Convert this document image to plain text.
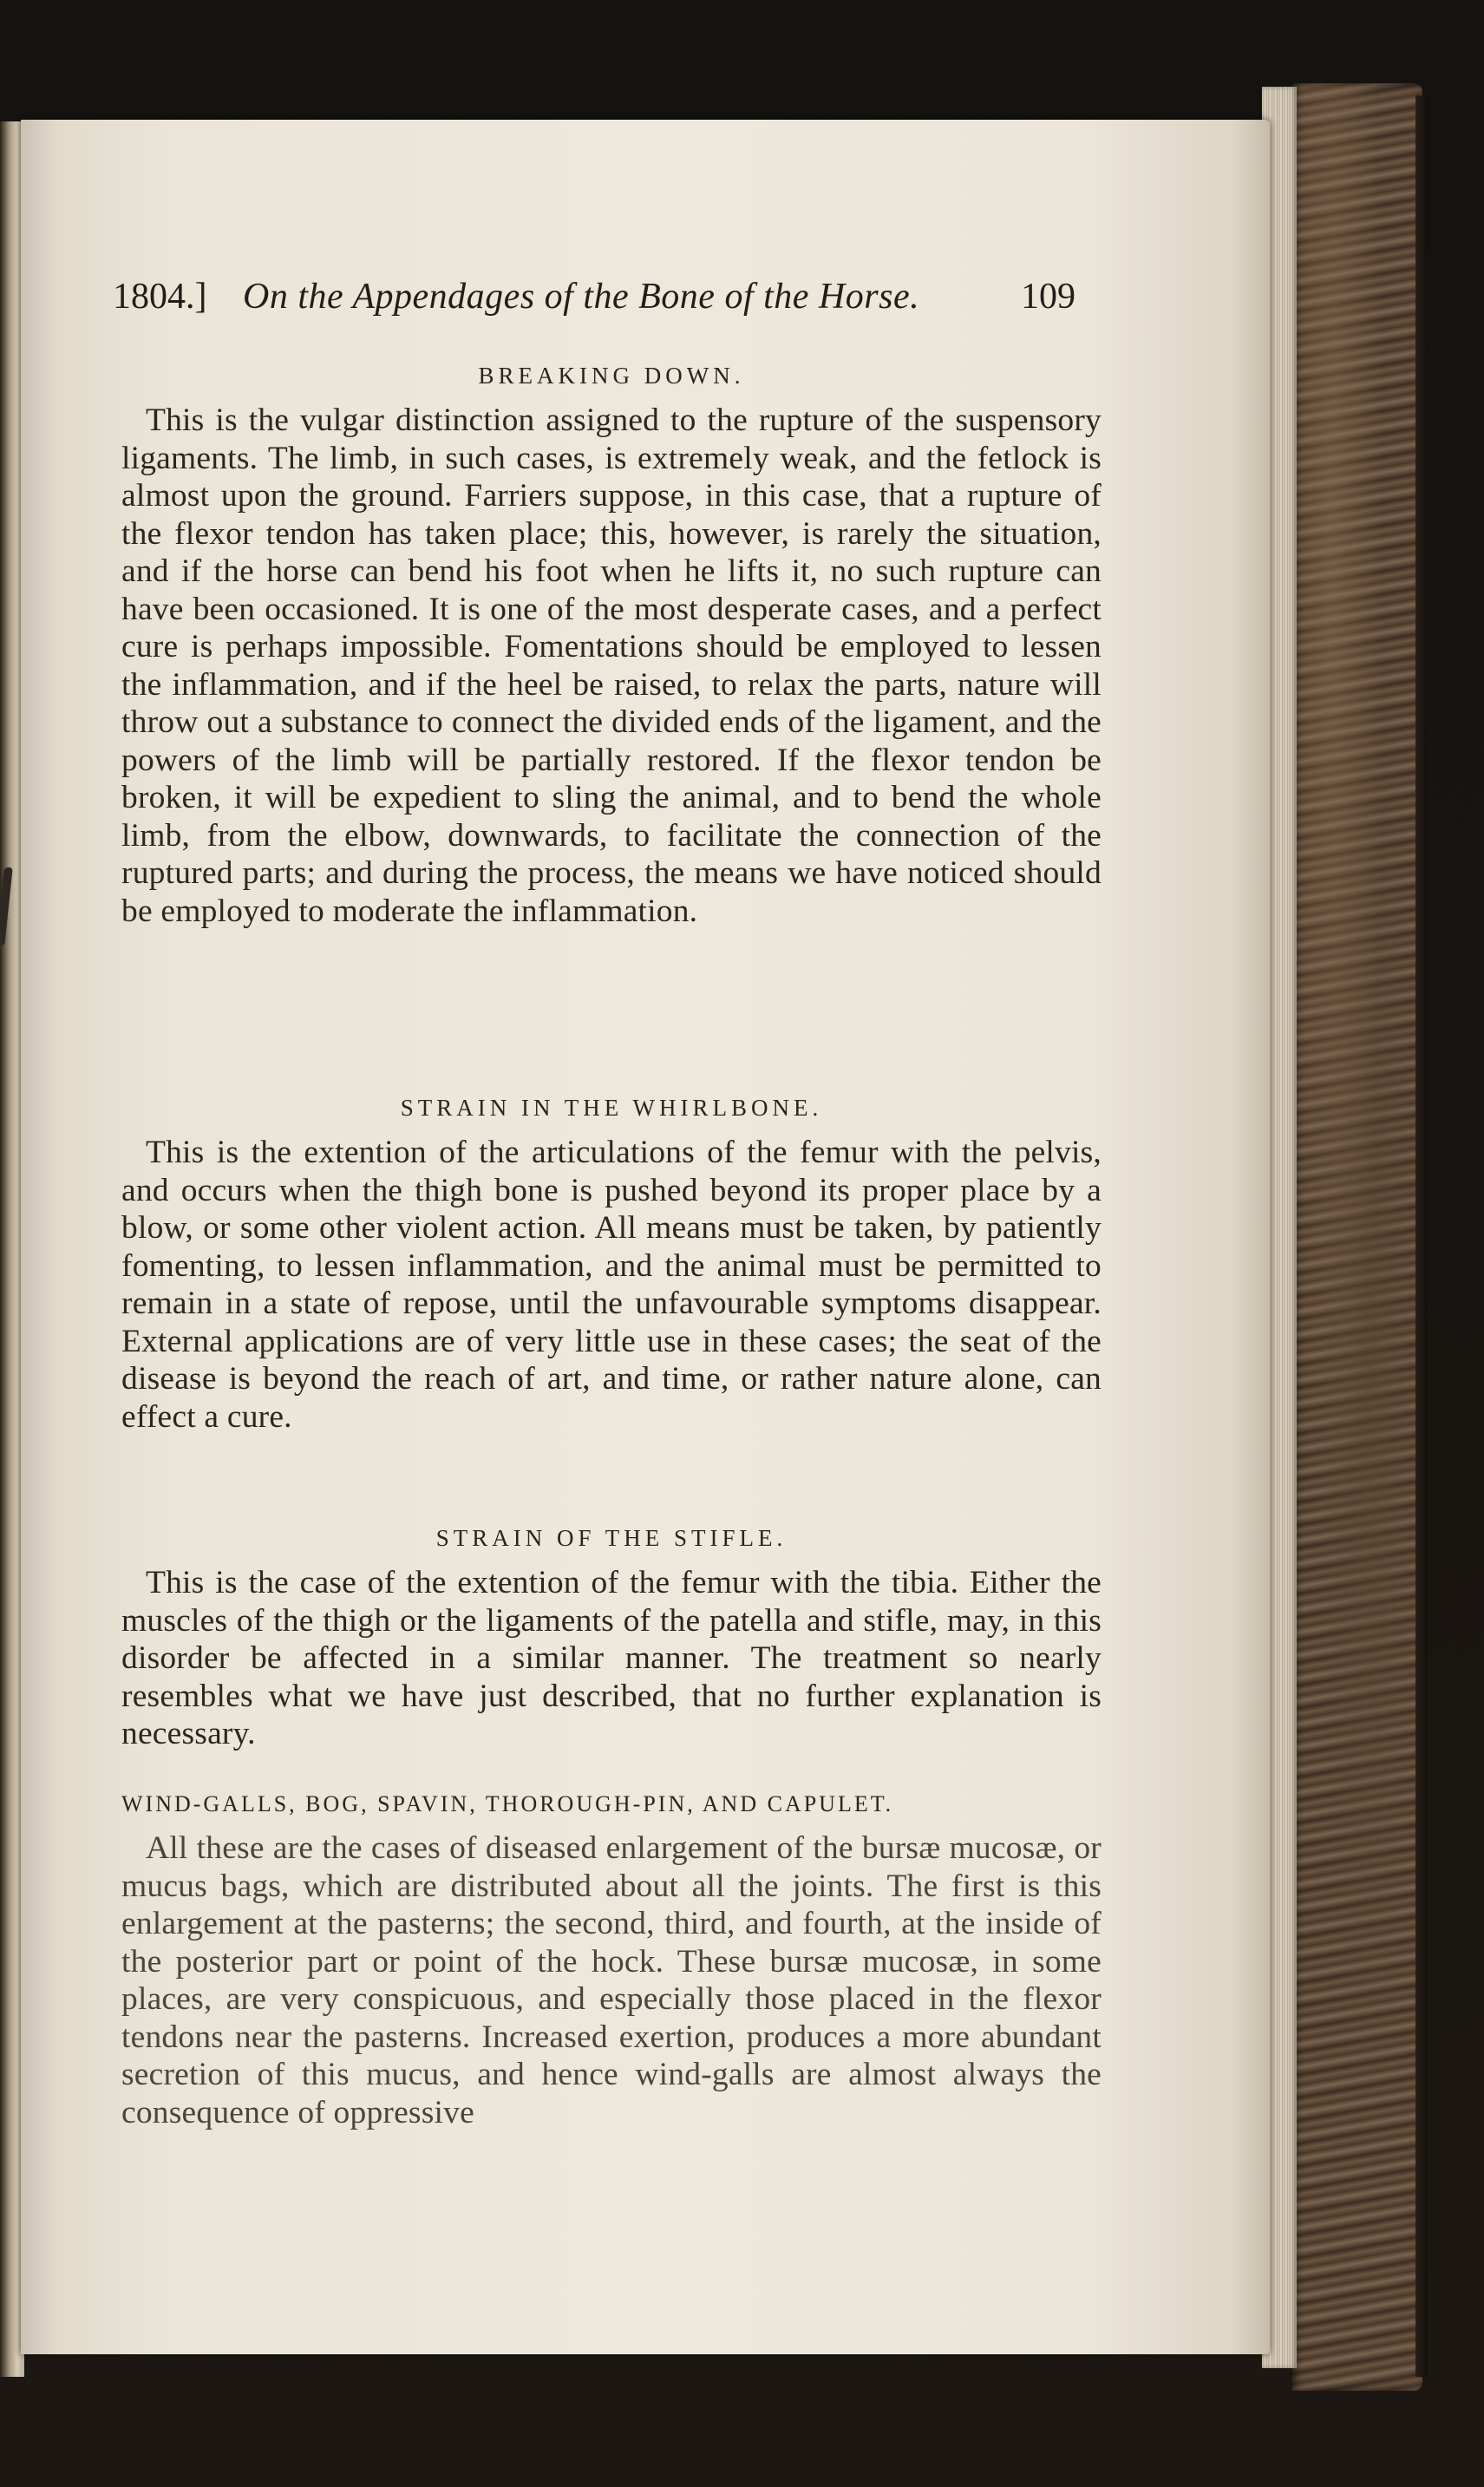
1804.] On the Appendages of the Bone of the Horse.	109
BREAKING DOWN.

This is the vulgar distinction assigned to the rupture of the suspensory ligaments. The limb, in such cases, is extremely weak, and the fetlock is almost upon the ground. Farriers suppose, in this case, that a rupture of the flexor tendon has taken place; this, however, is rarely the situation, and if the horse can bend his foot when he lifts it, no such rupture can have been occasioned. It is one of the most desperate cases, and a perfect cure is perhaps impossible. Fomentations should be employed to lessen the inflammation, and if the heel be raised, to relax the parts, nature will throw out a substance to connect the divided ends of the ligament, and the powers of the limb will be partially restored. If the flexor tendon be broken, it will be expedient to sling the animal, and to bend the whole limb, from the elbow, downwards, to facilitate the connection of the ruptured parts; and during the process, the means we have noticed should be employed to moderate the inflammation.

STRAIN IN THE WHIRLBONE.

This is the extention of the articulations of the femur with the pelvis, and occurs when the thigh bone is pushed beyond its proper place by a blow, or some other violent action. All means must be taken, by patiently fomenting, to lessen inflammation, and the animal must be permitted to remain in a state of repose, until the unfavourable symptoms disappear. External applications are of very little use in these cases; the seat of the disease is beyond the reach of art, and time, or rather nature alone, can effect a cure.

STRAIN OF THE STIFLE.

This is the case of the extention of the femur with the tibia. Either the muscles of the thigh or the ligaments of the patella and stifle, may, in this disorder be affected in a similar manner. The treatment so nearly resembles what we have just described, that no further explanation is necessary.

WIND-GALLS, BOG, SPAVIN, THOROUGH-PIN, AND CAPULET.

All these are the cases of diseased enlargement of the bursæ mucosæ, or mucus bags, which are distributed about all the joints. The first is this enlargement at the pasterns; the second, third, and fourth, at the inside of the posterior part or point of the hock. These bursæ mucosæ, in some places, are very conspicuous, and especially those placed in the flexor tendons near the pasterns. Increased exertion, produces a more abundant secretion of this mucus, and hence wind-galls are almost always the consequence of oppressive
